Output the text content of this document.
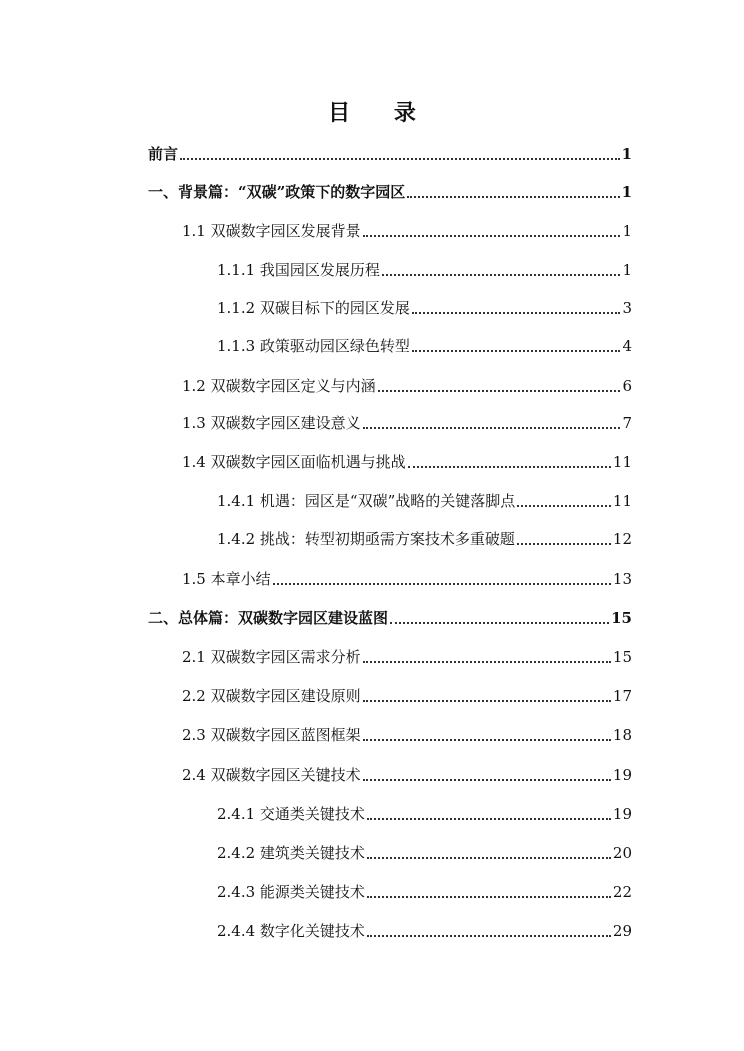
目 录
前言	1
一、背景篇：“双碳”政策下的数字园区	1
1.1 双碳数字园区发展背景	1
1.1.1 我国园区发展历程	1
1.1.2 双碳目标下的园区发展	3
1.1.3 政策驱动园区绿色转型	4
1.2 双碳数字园区定义与内涵	6
1.3 双碳数字园区建设意义	7
1.4 双碳数字园区面临机遇与挑战	11
1.4.1 机遇：园区是“双碳”战略的关键落脚点	11
1.4.2 挑战：转型初期亟需方案技术多重破题	12
1.5 本章小结	13
二、总体篇：双碳数字园区建设蓝图	15
2.1 双碳数字园区需求分析	15
2.2 双碳数字园区建设原则	17
2.3 双碳数字园区蓝图框架	18
2.4 双碳数字园区关键技术	19
2.4.1 交通类关键技术	19
2.4.2 建筑类关键技术	20
2.4.3 能源类关键技术	22
2.4.4 数字化关键技术	29
